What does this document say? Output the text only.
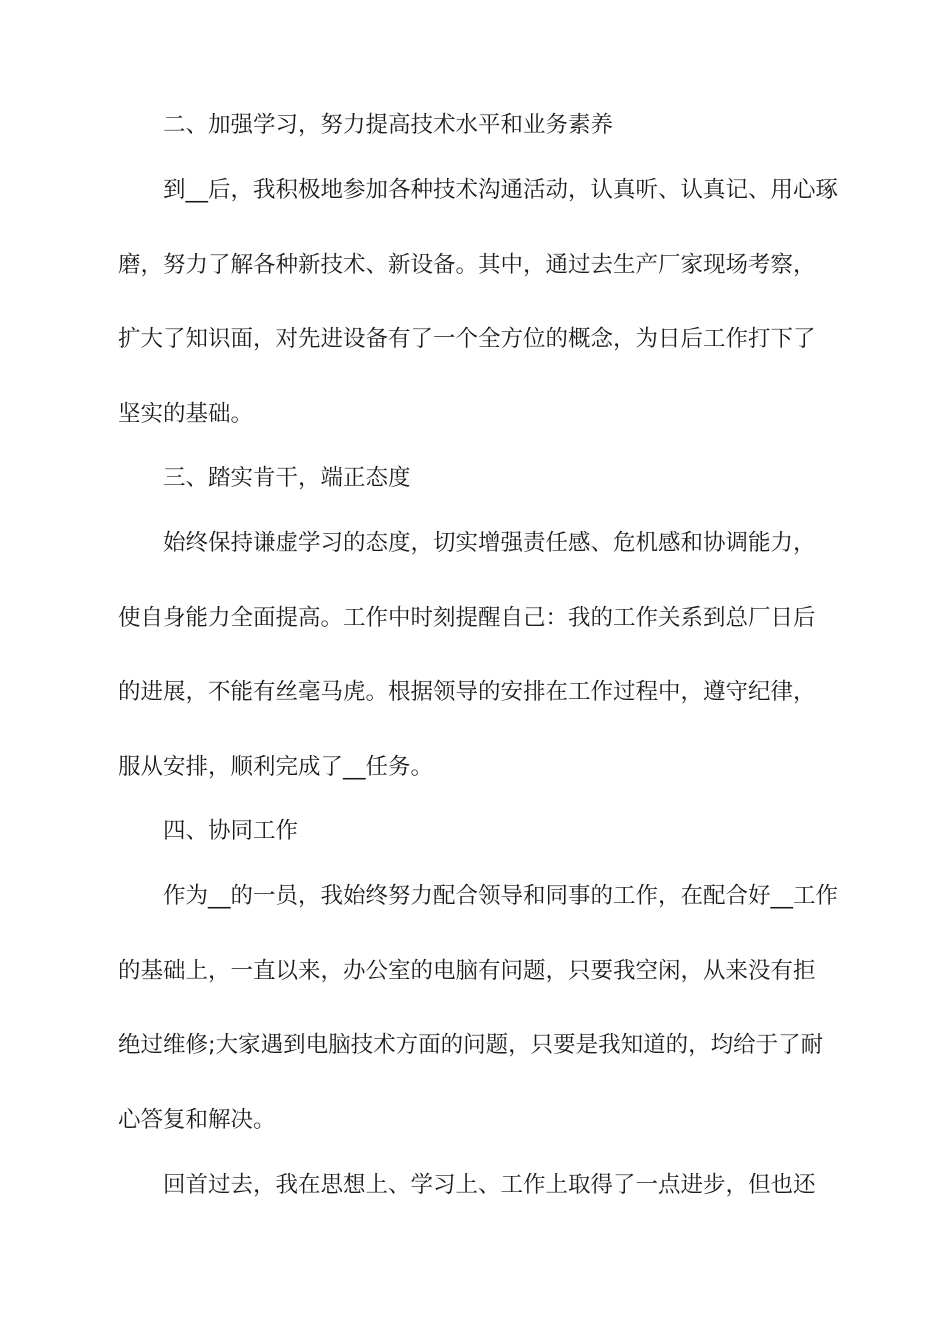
二、加强学习，努力提高技术水平和业务素养
到__后，我积极地参加各种技术沟通活动，认真听、认真记、用心琢
磨，努力了解各种新技术、新设备。其中，通过去生产厂家现场考察，
扩大了知识面，对先进设备有了一个全方位的概念，为日后工作打下了
坚实的基础。
三、踏实肯干，端正态度
始终保持谦虚学习的态度，切实增强责任感、危机感和协调能力，
使自身能力全面提高。工作中时刻提醒自己：我的工作关系到总厂日后
的进展，不能有丝毫马虎。根据领导的安排在工作过程中，遵守纪律，
服从安排，顺利完成了__任务。
四、协同工作
作为__的一员，我始终努力配合领导和同事的工作，在配合好__工作
的基础上，一直以来，办公室的电脑有问题，只要我空闲，从来没有拒
绝过维修;大家遇到电脑技术方面的问题，只要是我知道的，均给于了耐
心答复和解决。
回首过去，我在思想上、学习上、工作上取得了一点进步，但也还
